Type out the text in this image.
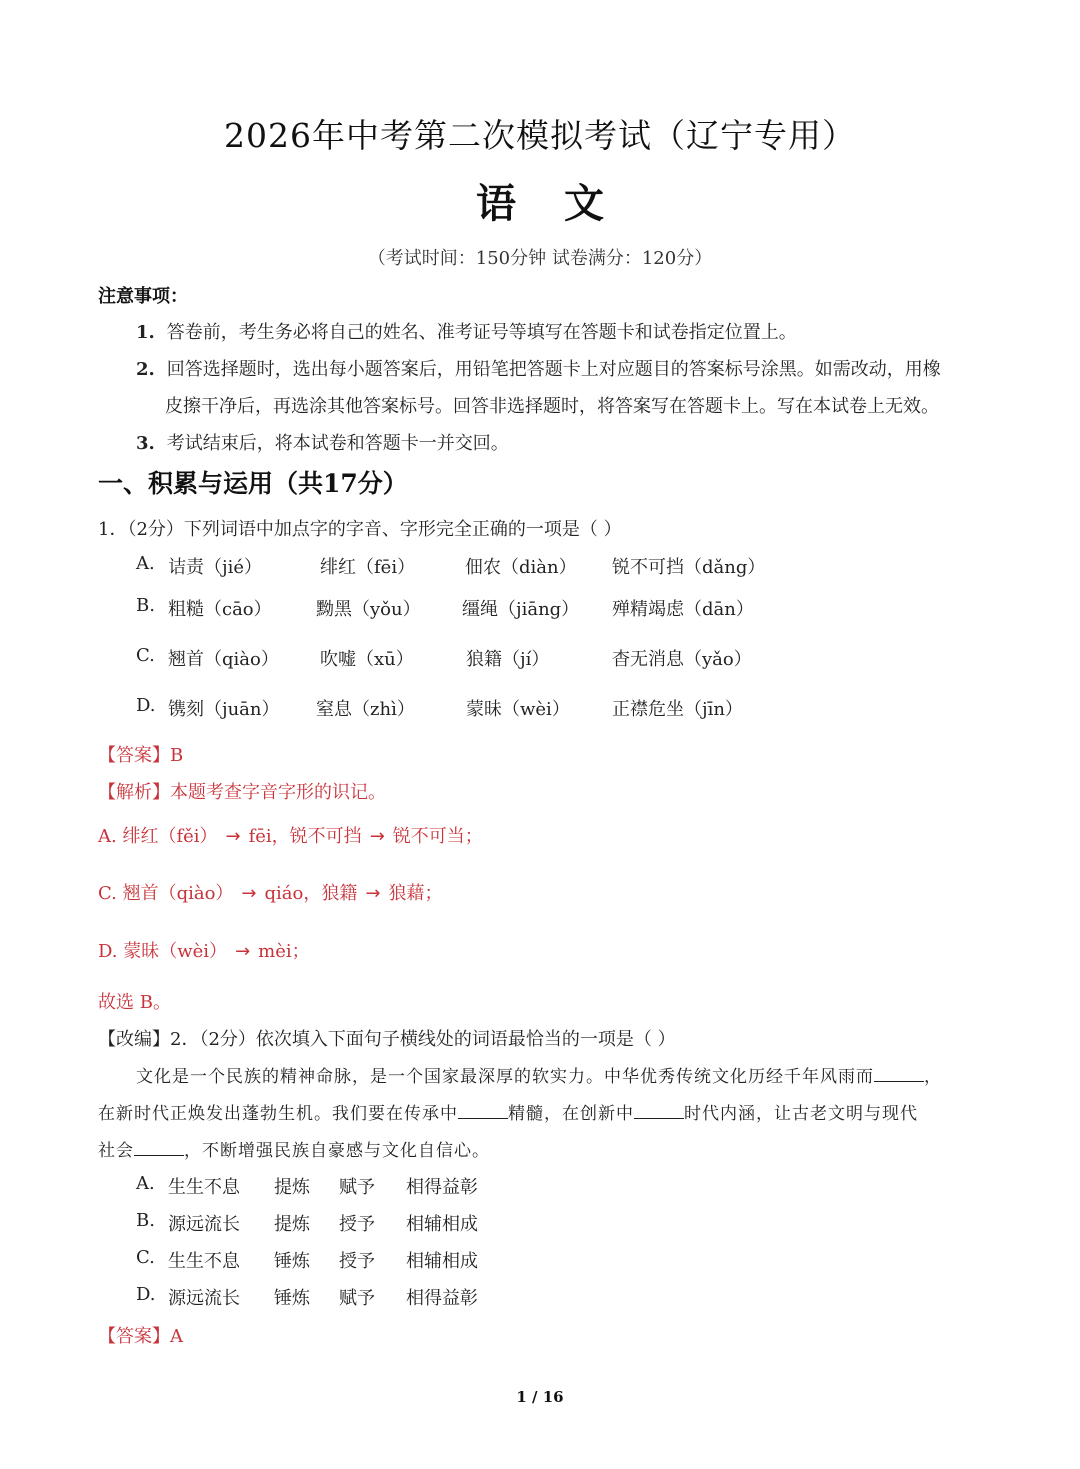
2026年中考第二次模拟考试（辽宁专用）
语文
（考试时间：150分钟 试卷满分：120分）
注意事项：
1. 答卷前，考生务必将自己的姓名、准考证号等填写在答题卡和试卷指定位置上。
2. 回答选择题时，选出每小题答案后，用铅笔把答题卡上对应题目的答案标号涂黑。如需改动，用橡
皮擦干净后，再选涂其他答案标号。回答非选择题时，将答案写在答题卡上。写在本试卷上无效。
3. 考试结束后，将本试卷和答题卡一并交回。
一、积累与运用（共17分）
1．（2分）下列词语中加点字的字音、字形完全正确的一项是（ ）
A. 诘责（jié）	绯红（fēi）	佃农（diàn） 锐不可挡（dǎng）
B. 粗糙（cāo） 黝黑（yǒu） 缰绳（jiāng） 殚精竭虑（dān）
C. 翘首（qiào） 吹嘘（xū）	狼籍（jí）	杳无消息（yǎo）
D. 镌刻（juān） 窒息（zhì）	蒙昧（wèi） 正襟危坐（jīn）
【答案】B
【解析】本题考查字音字形的识记。
A. 绯红（fěi） → fēi，锐不可挡 → 锐不可当；
C. 翘首（qiào） → qiáo，狼籍 → 狼藉；
D. 蒙昧（wèi） → mèi；
故选 B。
【改编】2．（2分）依次填入下面句子横线处的词语最恰当的一项是（ ）
文化是一个民族的精神命脉，是一个国家最深厚的软实力。中华优秀传统文化历经千年风雨而	，
在新时代正焕发出蓬勃生机。我们要在传承中	精髓，在创新中	时代内涵，让古老文明与现代
社会	，不断增强民族自豪感与文化自信心。
A. 生生不息 提炼 赋予 相得益彰
B. 源远流长 提炼 授予 相辅相成
C. 生生不息 锤炼 授予 相辅相成
D. 源远流长 锤炼 赋予 相得益彰
【答案】A
1 / 16
